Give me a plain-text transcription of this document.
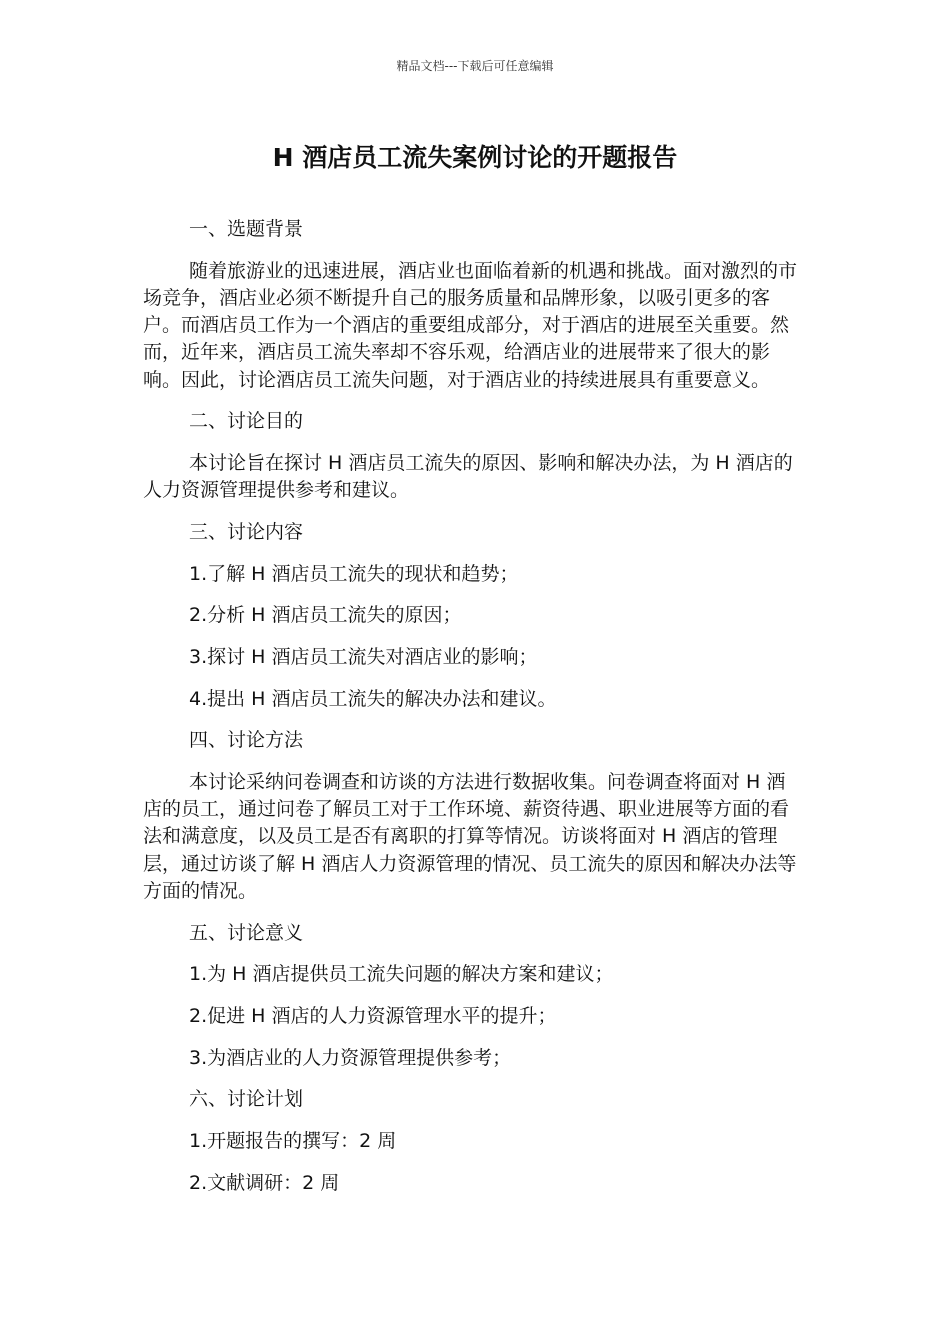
精品文档---下载后可任意编辑
H 酒店员工流失案例讨论的开题报告

一、选题背景

随着旅游业的迅速进展，酒店业也面临着新的机遇和挑战。面对激烈的市场竞争，酒店业必须不断提升自己的服务质量和品牌形象，以吸引更多的客户。而酒店员工作为一个酒店的重要组成部分，对于酒店的进展至关重要。然而，近年来，酒店员工流失率却不容乐观，给酒店业的进展带来了很大的影响。因此，讨论酒店员工流失问题，对于酒店业的持续进展具有重要意义。

二、讨论目的

本讨论旨在探讨 H 酒店员工流失的原因、影响和解决办法，为 H 酒店的人力资源管理提供参考和建议。

三、讨论内容

1.了解 H 酒店员工流失的现状和趋势；

2.分析 H 酒店员工流失的原因；

3.探讨 H 酒店员工流失对酒店业的影响；

4.提出 H 酒店员工流失的解决办法和建议。

四、讨论方法

本讨论采纳问卷调查和访谈的方法进行数据收集。问卷调查将面对 H 酒店的员工，通过问卷了解员工对于工作环境、薪资待遇、职业进展等方面的看法和满意度，以及员工是否有离职的打算等情况。访谈将面对 H 酒店的管理层，通过访谈了解 H 酒店人力资源管理的情况、员工流失的原因和解决办法等方面的情况。

五、讨论意义

1.为 H 酒店提供员工流失问题的解决方案和建议；

2.促进 H 酒店的人力资源管理水平的提升；

3.为酒店业的人力资源管理提供参考；

六、讨论计划

1.开题报告的撰写：2 周

2.文献调研：2 周
